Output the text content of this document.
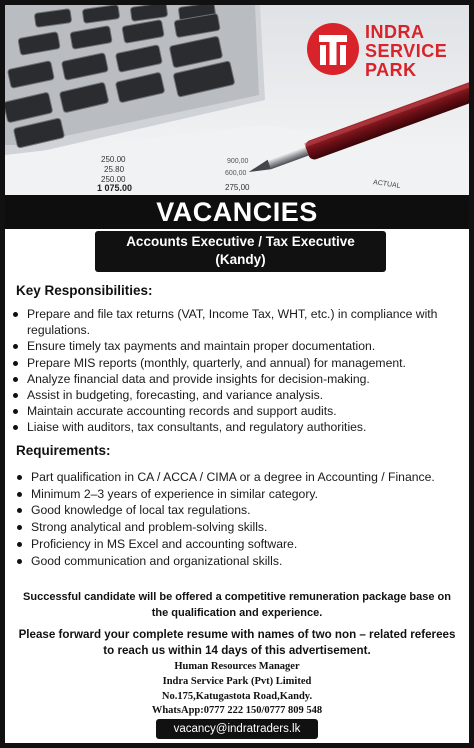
250.00
25.80
250.00
1 075.00
900,00
600,00
275,00	ACTUAL
INDRA
SERVICE
PARK
VACANCIES
Accounts Executive / Tax Executive
(Kandy)
Key Responsibilities:
Prepare and file tax returns (VAT, Income Tax, WHT, etc.) in compliance with regulations.
Ensure timely tax payments and maintain proper documentation.
Prepare MIS reports (monthly, quarterly, and annual) for management.
Analyze financial data and provide insights for decision-making.
Assist in budgeting, forecasting, and variance analysis.
Maintain accurate accounting records and support audits.
Liaise with auditors, tax consultants, and regulatory authorities.
Requirements:
Part qualification in CA / ACCA / CIMA or a degree in Accounting / Finance.
Minimum 2–3 years of experience in similar category.
Good knowledge of local tax regulations.
Strong analytical and problem-solving skills.
Proficiency in MS Excel and accounting software.
Good communication and organizational skills.
Successful candidate will be offered a competitive remuneration package base on the qualification and experience.
Please forward your complete resume with names of two non – related referees to reach us within 14 days of this advertisement.
Human Resources Manager
Indra Service Park (Pvt) Limited
No.175,Katugastota Road,Kandy.
WhatsApp:0777 222 150/0777 809 548
vacancy@indratraders.lk
